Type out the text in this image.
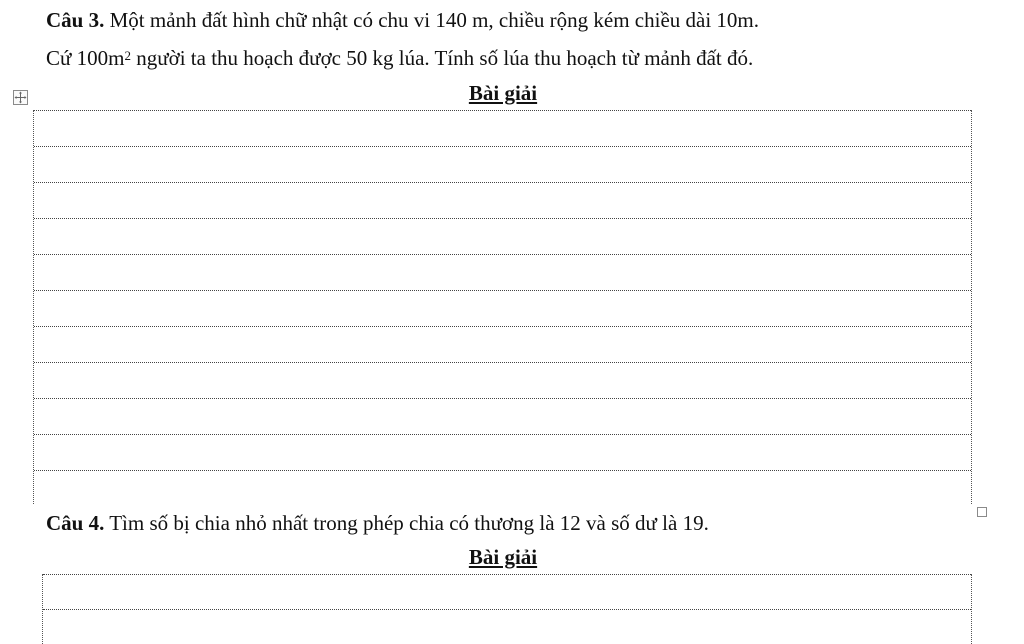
Câu 3. Một mảnh đất hình chữ nhật có chu vi 140 m, chiều rộng kém chiều dài 10m.
Cứ $100m^2$ người ta thu hoạch được 50 kg lúa. Tính số lúa thu hoạch từ mảnh đất đó.
Bài giải
Câu 4. Tìm số bị chia nhỏ nhất trong phép chia có thương là 12 và số dư là 19.
Bài giải
